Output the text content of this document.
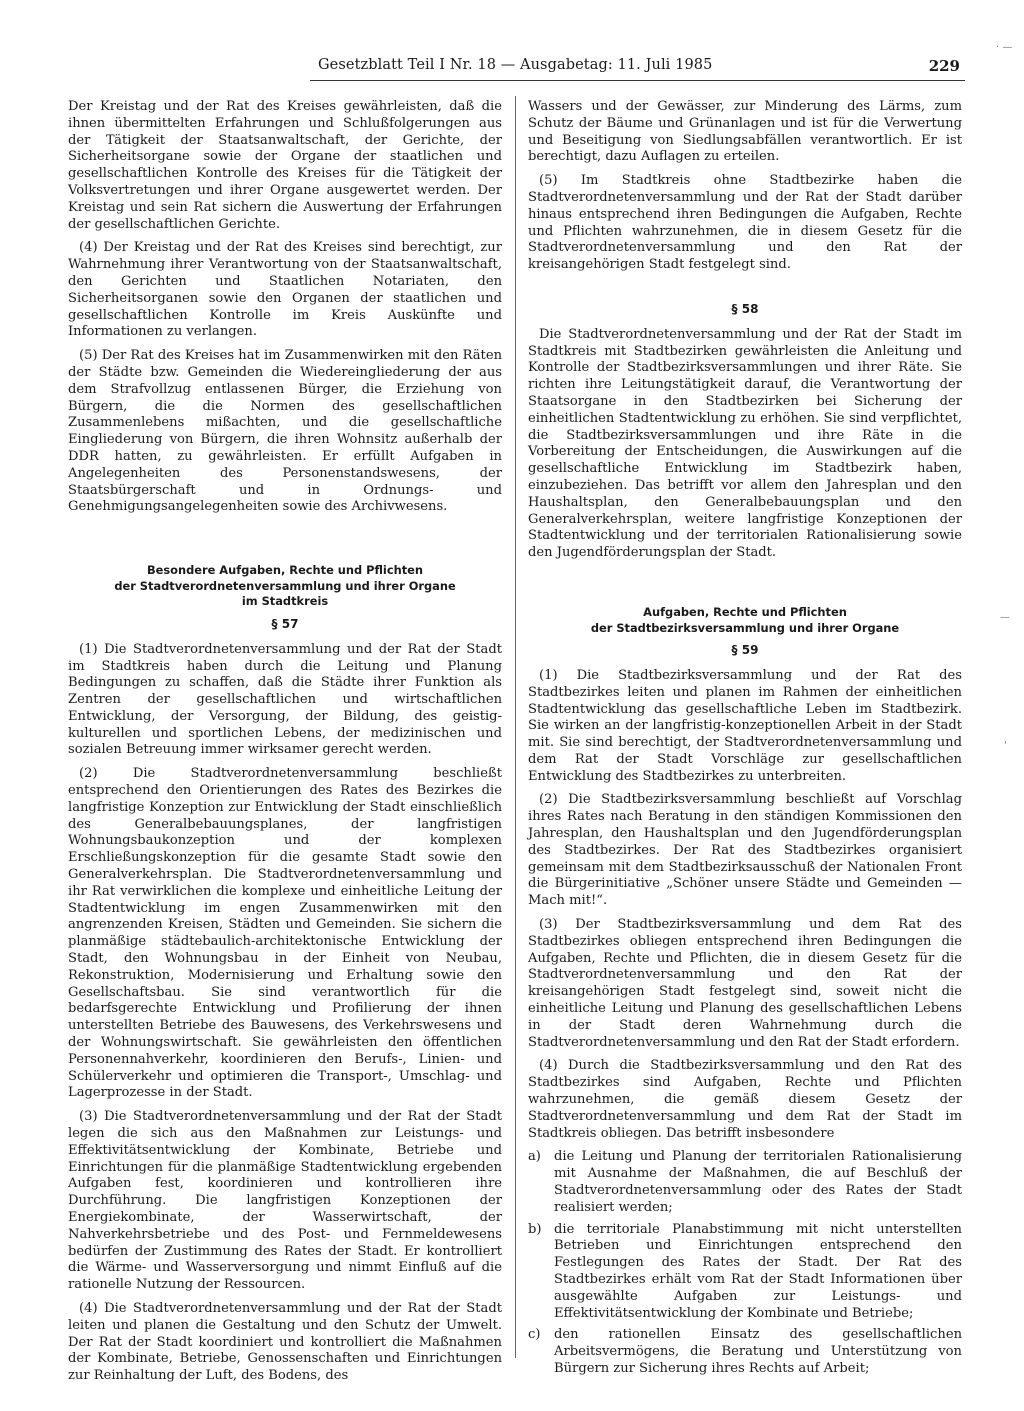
Gesetzblatt Teil I Nr. 18 — Ausgabetag: 11. Juli 1985	229
· —
—
'

Der Kreistag und der Rat des Kreises gewährleisten, daß die ihnen übermittelten Erfahrungen und Schlußfolgerungen aus der Tätigkeit der Staatsanwaltschaft, der Gerichte, der Sicherheitsorgane sowie der Organe der staatlichen und gesellschaftlichen Kontrolle des Kreises für die Tätigkeit der Volksvertretungen und ihrer Organe ausgewertet werden. Der Kreistag und sein Rat sichern die Auswertung der Erfahrungen der gesellschaftlichen Gerichte.

(4) Der Kreistag und der Rat des Kreises sind berechtigt, zur Wahrnehmung ihrer Verantwortung von der Staatsanwaltschaft, den Gerichten und Staatlichen Notariaten, den Sicherheitsorganen sowie den Organen der staatlichen und gesellschaftlichen Kontrolle im Kreis Auskünfte und Informationen zu verlangen.

(5) Der Rat des Kreises hat im Zusammenwirken mit den Räten der Städte bzw. Gemeinden die Wiedereingliederung der aus dem Strafvollzug entlassenen Bürger, die Erziehung von Bürgern, die die Normen des gesellschaftlichen Zusammenlebens mißachten, und die gesellschaftliche Eingliederung von Bürgern, die ihren Wohnsitz außerhalb der DDR hatten, zu gewährleisten. Er erfüllt Aufgaben in Angelegenheiten des Personenstandswesens, der Staatsbürgerschaft und in Ordnungs- und Genehmigungsangelegenheiten sowie des Archivwesens.

Besondere Aufgaben, Rechte und Pflichten
der Stadtverordnetenversammlung und ihrer Organe
im Stadtkreis
§ 57

(1) Die Stadtverordnetenversammlung und der Rat der Stadt im Stadtkreis haben durch die Leitung und Planung Bedingungen zu schaffen, daß die Städte ihrer Funktion als Zentren der gesellschaftlichen und wirtschaftlichen Entwicklung, der Versorgung, der Bildung, des geistig-kulturellen und sportlichen Lebens, der medizinischen und sozialen Betreuung immer wirksamer gerecht werden.

(2) Die Stadtverordnetenversammlung beschließt entsprechend den Orientierungen des Rates des Bezirkes die langfristige Konzeption zur Entwicklung der Stadt einschließlich des Generalbebauungsplanes, der langfristigen Wohnungsbaukonzeption und der komplexen Erschließungskonzeption für die gesamte Stadt sowie den Generalverkehrsplan. Die Stadtverordnetenversammlung und ihr Rat verwirklichen die komplexe und einheitliche Leitung der Stadtentwicklung im engen Zusammenwirken mit den angrenzenden Kreisen, Städten und Gemeinden. Sie sichern die planmäßige städtebaulich-architektonische Entwicklung der Stadt, den Wohnungsbau in der Einheit von Neubau, Rekonstruktion, Modernisierung und Erhaltung sowie den Gesellschaftsbau. Sie sind verantwortlich für die bedarfsgerechte Entwicklung und Profilierung der ihnen unterstellten Betriebe des Bauwesens, des Verkehrswesens und der Wohnungswirtschaft. Sie gewährleisten den öffentlichen Personennahverkehr, koordinieren den Berufs-, Linien- und Schülerverkehr und optimieren die Transport-, Umschlag- und Lagerprozesse in der Stadt.

(3) Die Stadtverordnetenversammlung und der Rat der Stadt legen die sich aus den Maßnahmen zur Leistungs- und Effektivitätsentwicklung der Kombinate, Betriebe und Einrichtungen für die planmäßige Stadtentwicklung ergebenden Aufgaben fest, koordinieren und kontrollieren ihre Durchführung. Die langfristigen Konzeptionen der Energiekombinate, der Wasserwirtschaft, der Nahverkehrsbetriebe und des Post- und Fernmeldewesens bedürfen der Zustimmung des Rates der Stadt. Er kontrolliert die Wärme- und Wasserversorgung und nimmt Einfluß auf die rationelle Nutzung der Ressourcen.

(4) Die Stadtverordnetenversammlung und der Rat der Stadt leiten und planen die Gestaltung und den Schutz der Umwelt. Der Rat der Stadt koordiniert und kontrolliert die Maßnahmen der Kombinate, Betriebe, Genossenschaften und Einrichtungen zur Reinhaltung der Luft, des Bodens, des

Wassers und der Gewässer, zur Minderung des Lärms, zum Schutz der Bäume und Grünanlagen und ist für die Verwertung und Beseitigung von Siedlungsabfällen verantwortlich. Er ist berechtigt, dazu Auflagen zu erteilen.

(5) Im Stadtkreis ohne Stadtbezirke haben die Stadtverordnetenversammlung und der Rat der Stadt darüber hinaus entsprechend ihren Bedingungen die Aufgaben, Rechte und Pflichten wahrzunehmen, die in diesem Gesetz für die Stadtverordnetenversammlung und den Rat der kreisangehörigen Stadt festgelegt sind.

§ 58

Die Stadtverordnetenversammlung und der Rat der Stadt im Stadtkreis mit Stadtbezirken gewährleisten die Anleitung und Kontrolle der Stadtbezirksversammlungen und ihrer Räte. Sie richten ihre Leitungstätigkeit darauf, die Verantwortung der Staatsorgane in den Stadtbezirken bei Sicherung der einheitlichen Stadtentwicklung zu erhöhen. Sie sind verpflichtet, die Stadtbezirksversammlungen und ihre Räte in die Vorbereitung der Entscheidungen, die Auswirkungen auf die gesellschaftliche Entwicklung im Stadtbezirk haben, einzubeziehen. Das betrifft vor allem den Jahresplan und den Haushaltsplan, den Generalbebauungsplan und den Generalverkehrsplan, weitere langfristige Konzeptionen der Stadtentwicklung und der territorialen Rationalisierung sowie den Jugendförderungsplan der Stadt.

Aufgaben, Rechte und Pflichten
der Stadtbezirksversammlung und ihrer Organe
§ 59

(1) Die Stadtbezirksversammlung und der Rat des Stadtbezirkes leiten und planen im Rahmen der einheitlichen Stadtentwicklung das gesellschaftliche Leben im Stadtbezirk. Sie wirken an der langfristig-konzeptionellen Arbeit in der Stadt mit. Sie sind berechtigt, der Stadtverordnetenversammlung und dem Rat der Stadt Vorschläge zur gesellschaftlichen Entwicklung des Stadtbezirkes zu unterbreiten.

(2) Die Stadtbezirksversammlung beschließt auf Vorschlag ihres Rates nach Beratung in den ständigen Kommissionen den Jahresplan, den Haushaltsplan und den Jugendförderungsplan des Stadtbezirkes. Der Rat des Stadtbezirkes organisiert gemeinsam mit dem Stadtbezirksausschuß der Nationalen Front die Bürgerinitiative „Schöner unsere Städte und Gemeinden — Mach mit!“.

(3) Der Stadtbezirksversammlung und dem Rat des Stadtbezirkes obliegen entsprechend ihren Bedingungen die Aufgaben, Rechte und Pflichten, die in diesem Gesetz für die Stadtverordnetenversammlung und den Rat der kreisangehörigen Stadt festgelegt sind, soweit nicht die einheitliche Leitung und Planung des gesellschaftlichen Lebens in der Stadt deren Wahrnehmung durch die Stadtverordnetenversammlung und den Rat der Stadt erfordern.

(4) Durch die Stadtbezirksversammlung und den Rat des Stadtbezirkes sind Aufgaben, Rechte und Pflichten wahrzunehmen, die gemäß diesem Gesetz der Stadtverordnetenversammlung und dem Rat der Stadt im Stadtkreis obliegen. Das betrifft insbesondere

a) die Leitung und Planung der territorialen Rationalisierung mit Ausnahme der Maßnahmen, die auf Beschluß der Stadtverordnetenversammlung oder des Rates der Stadt realisiert werden;
b) die territoriale Planabstimmung mit nicht unterstellten Betrieben und Einrichtungen entsprechend den Festlegungen des Rates der Stadt. Der Rat des Stadtbezirkes erhält vom Rat der Stadt Informationen über ausgewählte Aufgaben zur Leistungs- und Effektivitätsentwicklung der Kombinate und Betriebe;
c)	den rationellen Einsatz des gesellschaftlichen Arbeitsvermögens, die Beratung und Unterstützung von Bürgern zur Sicherung ihres Rechts auf Arbeit;
